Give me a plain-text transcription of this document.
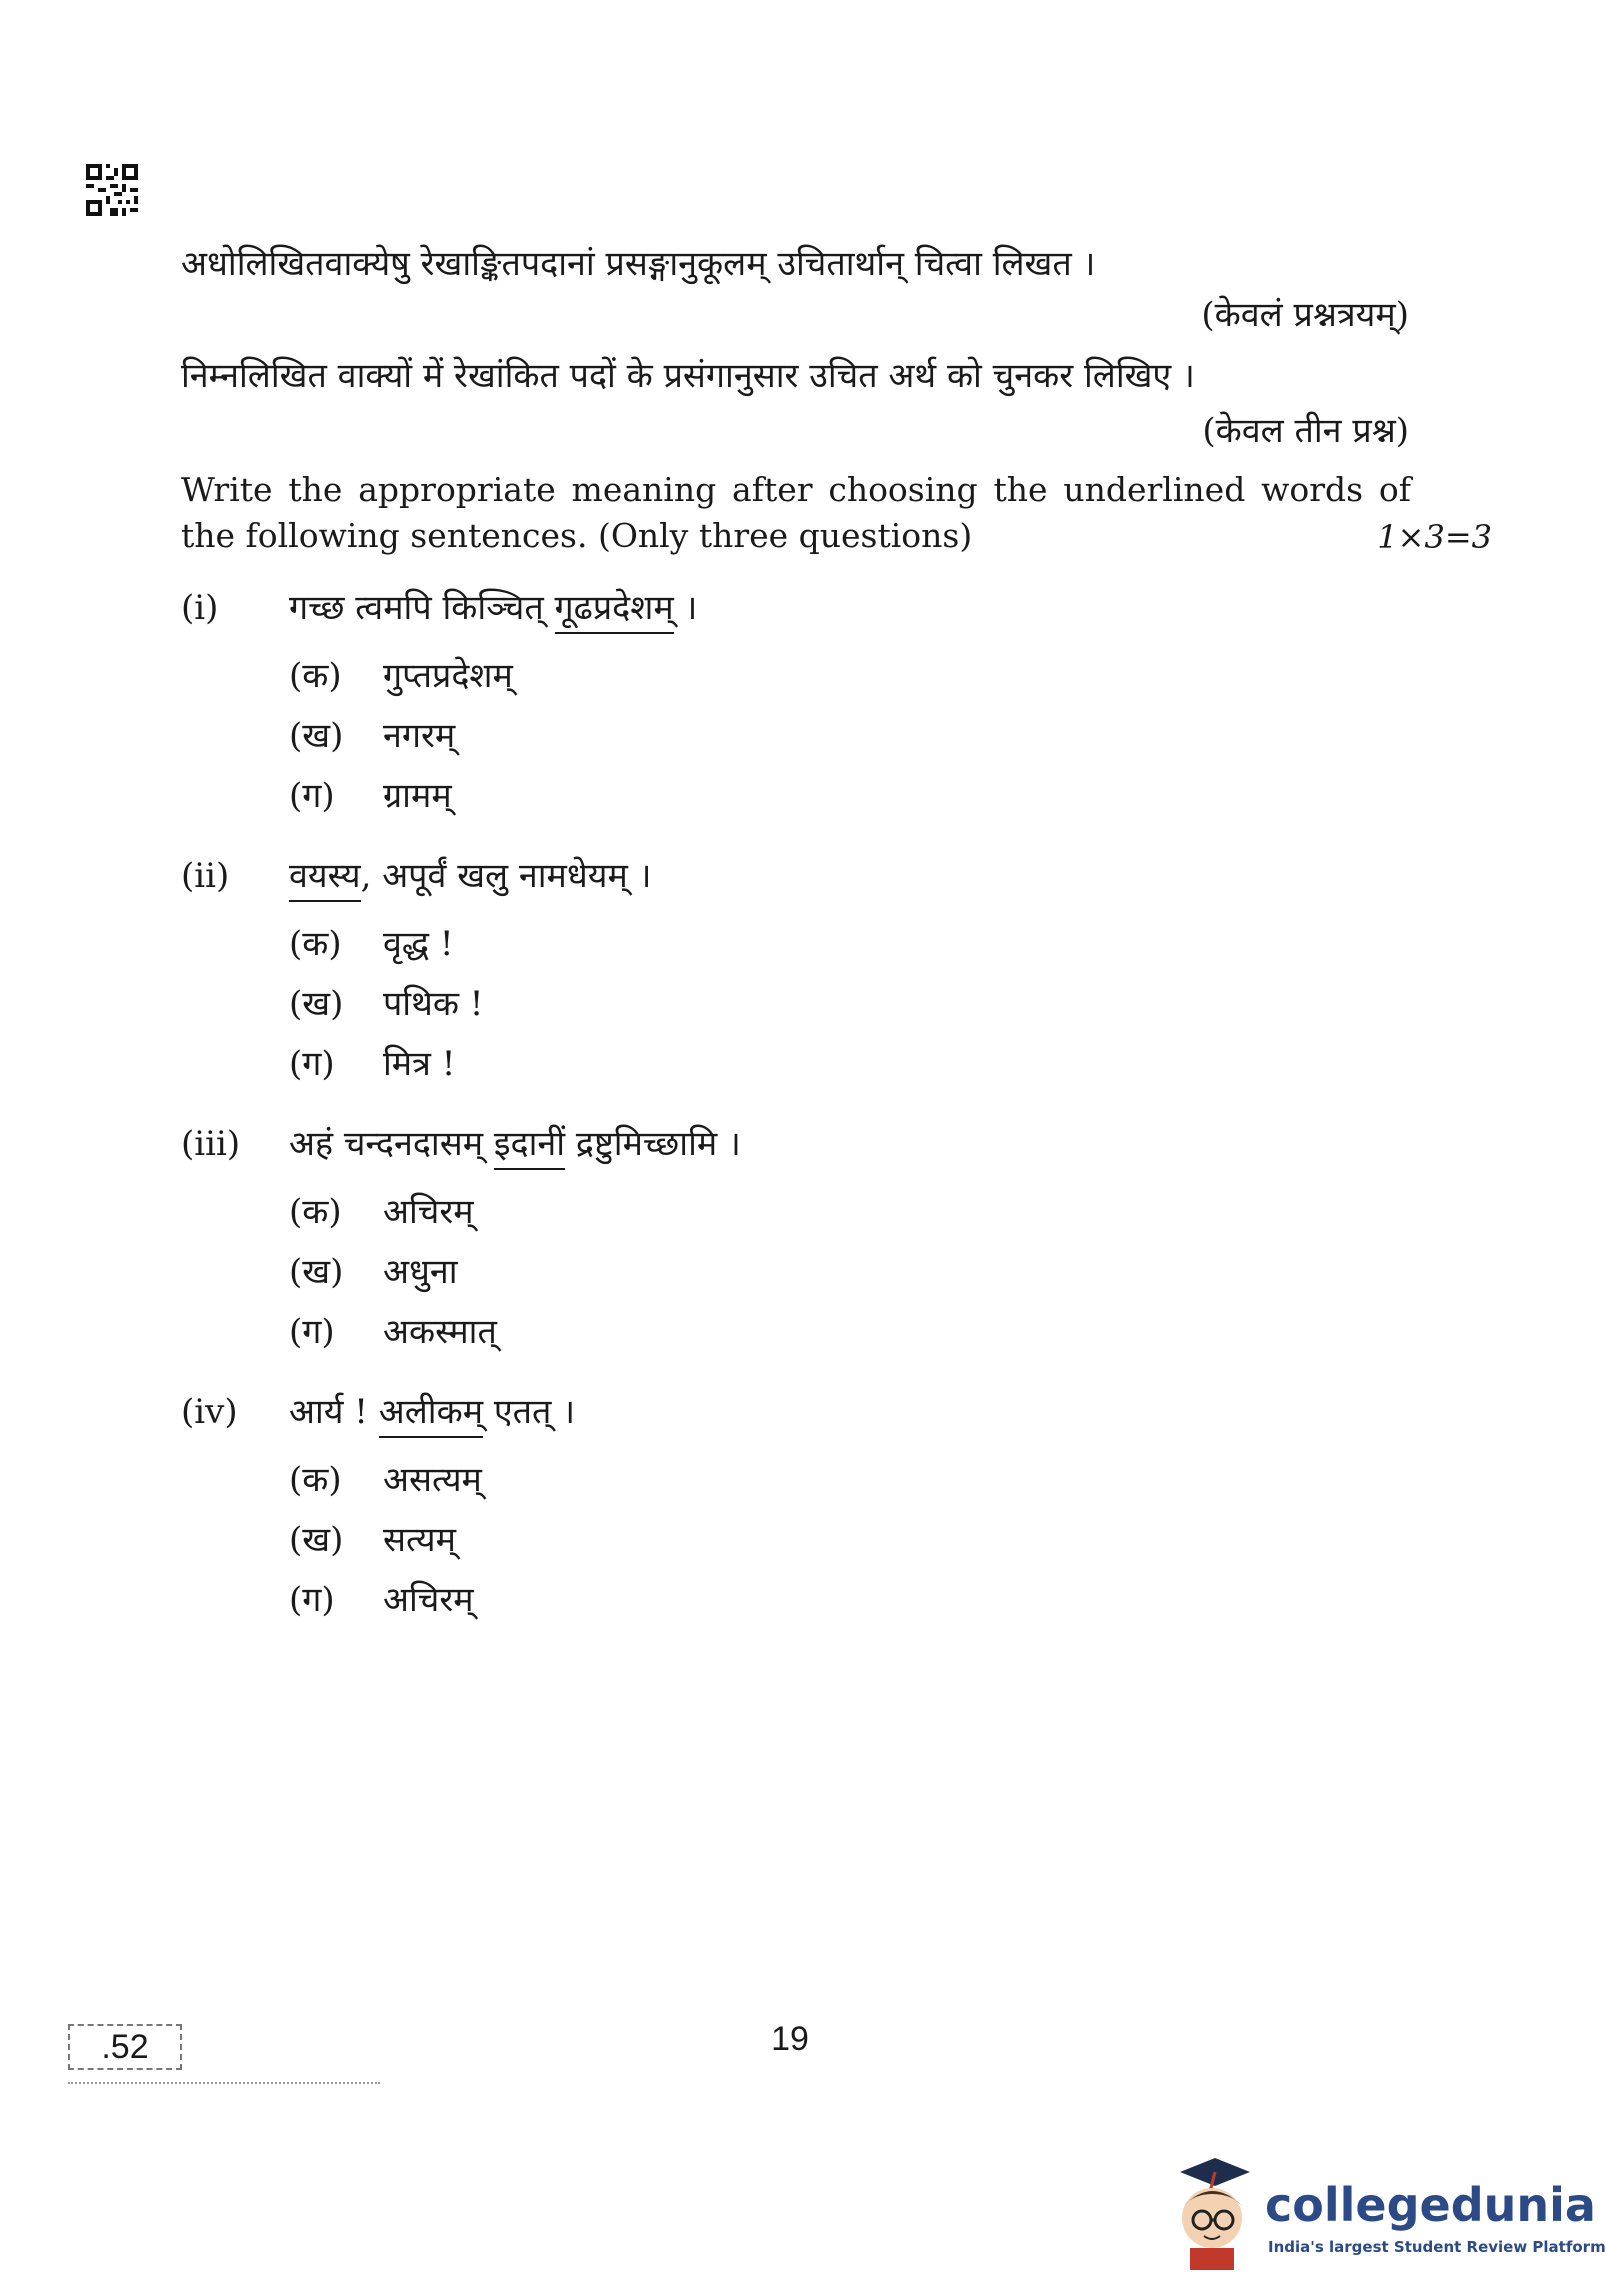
अधोलिखितवाक्येषु रेखाङ्कितपदानां प्रसङ्गानुकूलम् उचितार्थान् चित्वा लिखत ।
(केवलं प्रश्नत्रयम्)
निम्नलिखित वाक्यों में रेखांकित पदों के प्रसंगानुसार उचित अर्थ को चुनकर लिखिए ।
(केवल तीन प्रश्न)
Write the appropriate meaning after choosing the underlined words of
the following sentences. (Only three questions)	1×3=3
(i) गच्छ त्वमपि किञ्चित् गूढप्रदेशम् ।
(क) गुप्तप्रदेशम्
(ख) नगरम्
(ग) ग्रामम्
(ii) वयस्य, अपूर्वं खलु नामधेयम् ।
(क) वृद्ध !
(ख) पथिक !
(ग) मित्र !
(iii) अहं चन्दनदासम् इदानीं द्रष्टुमिच्छामि ।
(क) अचिरम्
(ख) अधुना
(ग) अकस्मात्
(iv) आर्य ! अलीकम् एतत् ।
(क) असत्यम्
(ख) सत्यम्
(ग) अचिरम्
.52	19
collegedunia
India's largest Student Review Platform
